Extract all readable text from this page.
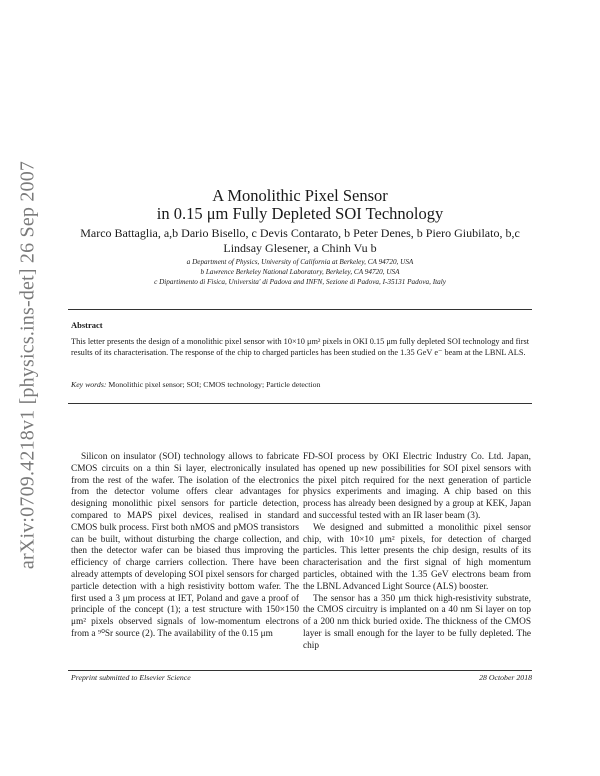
arXiv:0709.4218v1 [physics.ins-det] 26 Sep 2007	A Monolithic Pixel Sensor
in 0.15 μm Fully Depleted SOI Technology
Marco Battaglia, a,b Dario Bisello, c Devis Contarato, b Peter Denes, b Piero Giubilato, b,c
Lindsay Glesener, a Chinh Vu b
a Department of Physics, University of California at Berkeley, CA 94720, USA
b Lawrence Berkeley National Laboratory, Berkeley, CA 94720, USA
c Dipartimento di Fisica, Universita' di Padova and INFN, Sezione di Padova, I-35131 Padova, Italy
Abstract
This letter presents the design of a monolithic pixel sensor with 10×10 μm² pixels in OKI 0.15 μm fully depleted SOI technology and first results of its characterisation. The response of the chip to charged particles has been studied on the 1.35 GeV e⁻ beam at the LBNL ALS.
Key words: Monolithic pixel sensor; SOI; CMOS technology; Particle detection

Silicon on insulator (SOI) technology allows to fabricate CMOS circuits on a thin Si layer, electronically insulated from the rest of the wafer. The isolation of the electronics from the detector volume offers clear advantages for designing monolithic pixel sensors for particle detection, compared to MAPS pixel devices, realised in standard CMOS bulk process. First both nMOS and pMOS transistors can be built, without disturbing the charge collection, and then the detector wafer can be biased thus improving the efficiency of charge carriers collection. There have been already attempts of developing SOI pixel sensors for charged particle detection with a high resistivity bottom wafer. The first used a 3 μm process at IET, Poland and gave a proof of principle of the concept (1); a test structure with 150×150 μm² pixels observed signals of low-momentum electrons from a ⁹⁰Sr source (2). The availability of the 0.15 μm

FD-SOI process by OKI Electric Industry Co. Ltd. Japan, has opened up new possibilities for SOI pixel sensors with the pixel pitch required for the next generation of particle physics experiments and imaging. A chip based on this process has already been designed by a group at KEK, Japan and successful tested with an IR laser beam (3).

We designed and submitted a monolithic pixel sensor chip, with 10×10 μm² pixels, for detection of charged particles. This letter presents the chip design, results of its characterisation and the first signal of high momentum particles, obtained with the 1.35 GeV electrons beam from the LBNL Advanced Light Source (ALS) booster.

The sensor has a 350 μm thick high-resistivity substrate, the CMOS circuitry is implanted on a 40 nm Si layer on top of a 200 nm thick buried oxide. The thickness of the CMOS layer is small enough for the layer to be fully depleted. The chip

Preprint submitted to Elsevier Science	28 October 2018
